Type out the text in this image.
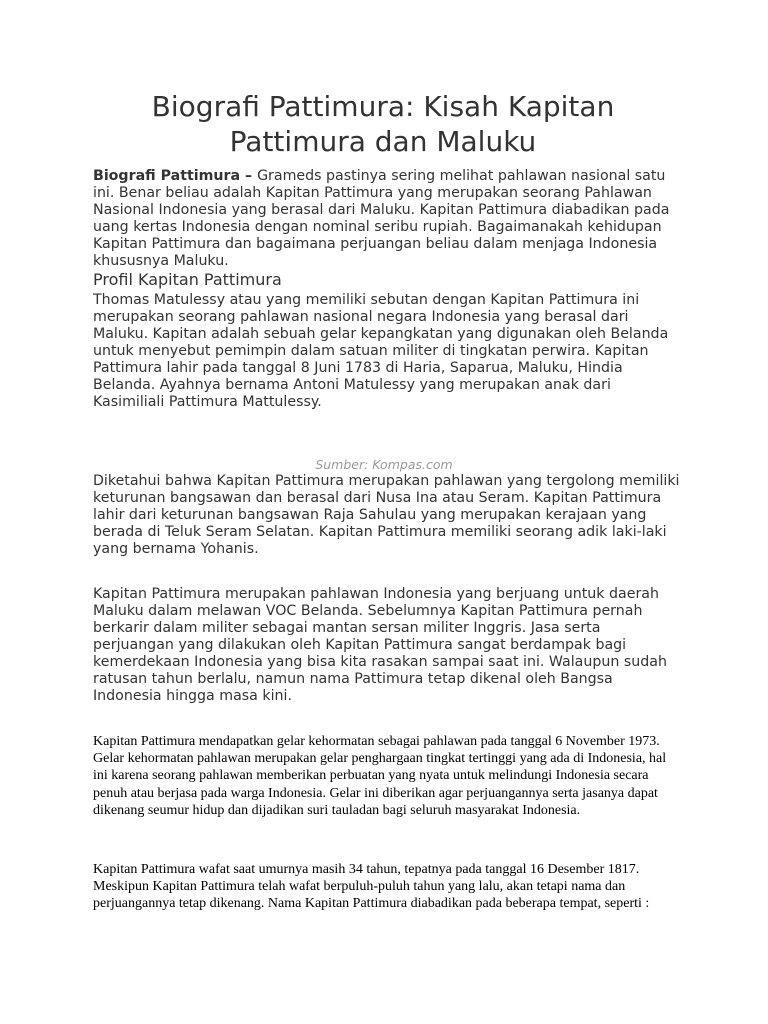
Biografi Pattimura: Kisah Kapitan Pattimura dan Maluku

Biografi Pattimura – Grameds pastinya sering melihat pahlawan nasional satu ini. Benar beliau adalah Kapitan Pattimura yang merupakan seorang Pahlawan Nasional Indonesia yang berasal dari Maluku. Kapitan Pattimura diabadikan pada uang kertas Indonesia dengan nominal seribu rupiah. Bagaimanakah kehidupan Kapitan Pattimura dan bagaimana perjuangan beliau dalam menjaga Indonesia khususnya Maluku.

Profil Kapitan Pattimura

Thomas Matulessy atau yang memiliki sebutan dengan Kapitan Pattimura ini merupakan seorang pahlawan nasional negara Indonesia yang berasal dari Maluku. Kapitan adalah sebuah gelar kepangkatan yang digunakan oleh Belanda untuk menyebut pemimpin dalam satuan militer di tingkatan perwira. Kapitan Pattimura lahir pada tanggal 8 Juni 1783 di Haria, Saparua, Maluku, Hindia Belanda. Ayahnya bernama Antoni Matulessy yang merupakan anak dari Kasimiliali Pattimura Mattulessy.

Sumber: Kompas.com

Diketahui bahwa Kapitan Pattimura merupakan pahlawan yang tergolong memiliki keturunan bangsawan dan berasal dari Nusa Ina atau Seram. Kapitan Pattimura lahir dari keturunan bangsawan Raja Sahulau yang merupakan kerajaan yang berada di Teluk Seram Selatan. Kapitan Pattimura memiliki seorang adik laki-laki yang bernama Yohanis.

Kapitan Pattimura merupakan pahlawan Indonesia yang berjuang untuk daerah Maluku dalam melawan VOC Belanda. Sebelumnya Kapitan Pattimura pernah berkarir dalam militer sebagai mantan sersan militer Inggris. Jasa serta perjuangan yang dilakukan oleh Kapitan Pattimura sangat berdampak bagi kemerdekaan Indonesia yang bisa kita rasakan sampai saat ini. Walaupun sudah ratusan tahun berlalu, namun nama Pattimura tetap dikenal oleh Bangsa Indonesia hingga masa kini.

Kapitan Pattimura mendapatkan gelar kehormatan sebagai pahlawan pada tanggal 6 November 1973. Gelar kehormatan pahlawan merupakan gelar penghargaan tingkat tertinggi yang ada di Indonesia, hal ini karena seorang pahlawan memberikan perbuatan yang nyata untuk melindungi Indonesia secara penuh atau berjasa pada warga Indonesia. Gelar ini diberikan agar perjuangannya serta jasanya dapat dikenang seumur hidup dan dijadikan suri tauladan bagi seluruh masyarakat Indonesia.

Kapitan Pattimura wafat saat umurnya masih 34 tahun, tepatnya pada tanggal 16 Desember 1817. Meskipun Kapitan Pattimura telah wafat berpuluh-puluh tahun yang lalu, akan tetapi nama dan perjuangannya tetap dikenang. Nama Kapitan Pattimura diabadikan pada beberapa tempat, seperti :
